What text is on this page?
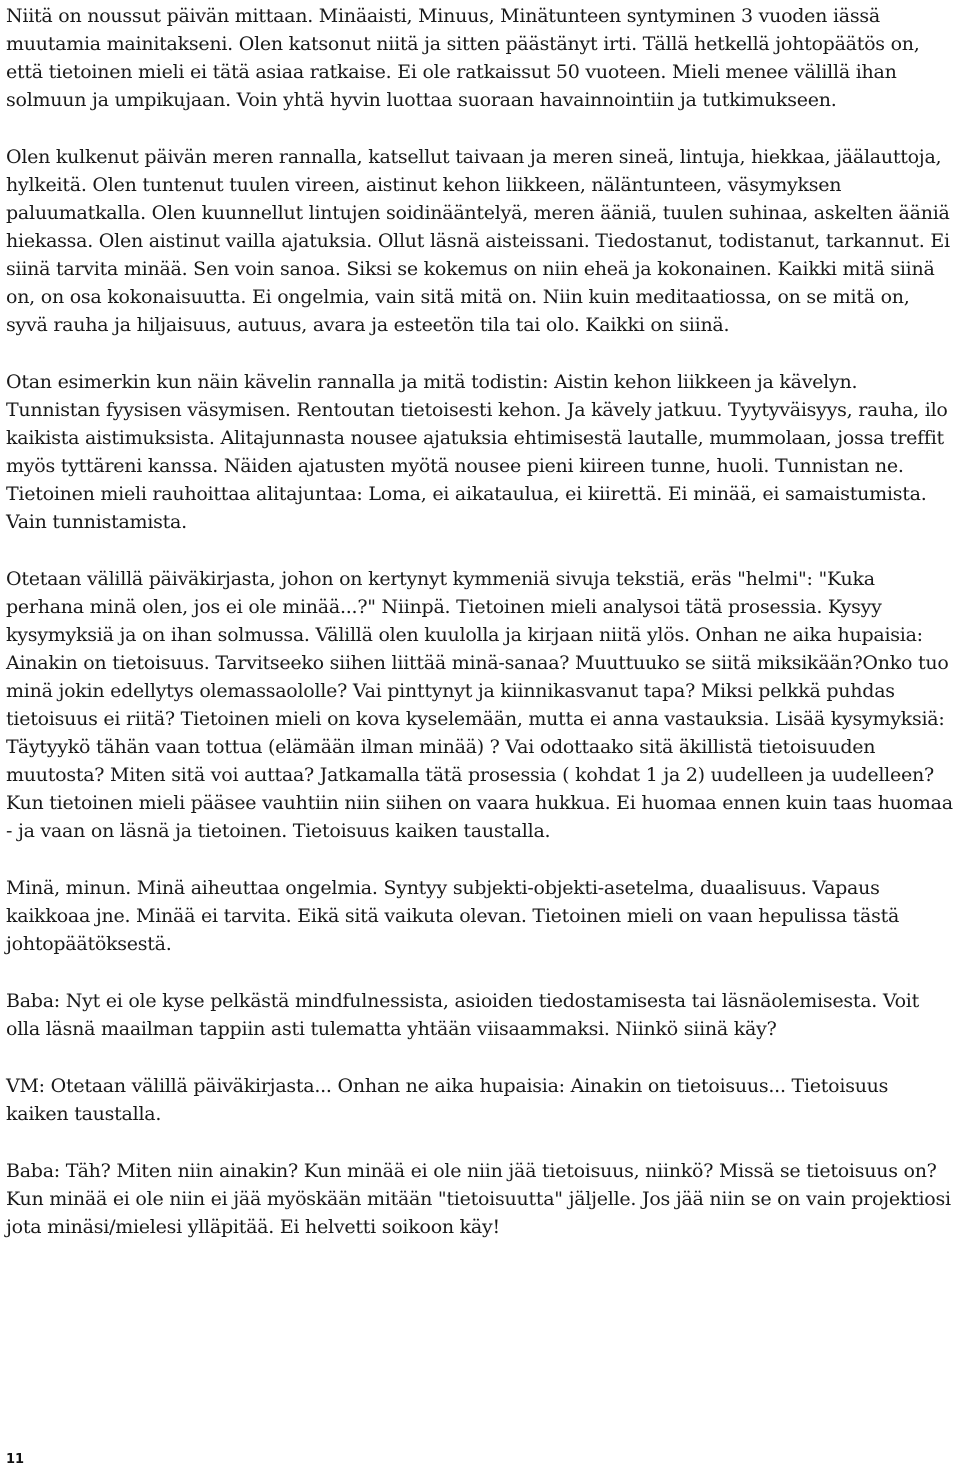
Niitä on noussut päivän mittaan. Minäaisti, Minuus, Minätunteen syntyminen 3 vuoden iässä muutamia mainitakseni. Olen katsonut niitä ja sitten päästänyt irti. Tällä hetkellä johtopäätös on, että tietoinen mieli ei tätä asiaa ratkaise. Ei ole ratkaissut 50 vuoteen. Mieli menee välillä ihan solmuun ja umpikujaan. Voin yhtä hyvin luottaa suoraan havainnointiin ja tutkimukseen.

Olen kulkenut päivän meren rannalla, katsellut taivaan ja meren sineä, lintuja, hiekkaa, jäälauttoja, hylkeitä. Olen tuntenut tuulen vireen, aistinut kehon liikkeen, näläntunteen, väsymyksen paluumatkalla. Olen kuunnellut lintujen soidinääntelyä, meren ääniä, tuulen suhinaa, askelten ääniä hiekassa. Olen aistinut vailla ajatuksia. Ollut läsnä aisteissani. Tiedostanut, todistanut, tarkannut. Ei siinä tarvita minää. Sen voin sanoa. Siksi se kokemus on niin eheä ja kokonainen. Kaikki mitä siinä on, on osa kokonaisuutta. Ei ongelmia, vain sitä mitä on. Niin kuin meditaatiossa, on se mitä on, syvä rauha ja hiljaisuus, autuus, avara ja esteetön tila tai olo. Kaikki on siinä.

Otan esimerkin kun näin kävelin rannalla ja mitä todistin: Aistin kehon liikkeen ja kävelyn. Tunnistan fyysisen väsymisen. Rentoutan tietoisesti kehon. Ja kävely jatkuu. Tyytyväisyys, rauha, ilo kaikista aistimuksista. Alitajunnasta nousee ajatuksia ehtimisestä lautalle, mummolaan, jossa treffit myös tyttäreni kanssa. Näiden ajatusten myötä nousee pieni kiireen tunne, huoli. Tunnistan ne. Tietoinen mieli rauhoittaa alitajuntaa: Loma, ei aikataulua, ei kiirettä. Ei minää, ei samaistumista. Vain tunnistamista.

Otetaan välillä päiväkirjasta, johon on kertynyt kymmeniä sivuja tekstiä, eräs "helmi": "Kuka perhana minä olen, jos ei ole minää...?" Niinpä. Tietoinen mieli analysoi tätä prosessia. Kysyy kysymyksiä ja on ihan solmussa. Välillä olen kuulolla ja kirjaan niitä ylös. Onhan ne aika hupaisia: Ainakin on tietoisuus. Tarvitseeko siihen liittää minä-sanaa? Muuttuuko se siitä miksikään?Onko tuo minä jokin edellytys olemassaololle? Vai pinttynyt ja kiinnikasvanut tapa? Miksi pelkkä puhdas tietoisuus ei riitä? Tietoinen mieli on kova kyselemään, mutta ei anna vastauksia. Lisää kysymyksiä: Täytyykö tähän vaan tottua (elämään ilman minää) ? Vai odottaako sitä äkillistä tietoisuuden muutosta? Miten sitä voi auttaa? Jatkamalla tätä prosessia ( kohdat 1 ja 2) uudelleen ja uudelleen? Kun tietoinen mieli pääsee vauhtiin niin siihen on vaara hukkua. Ei huomaa ennen kuin taas huomaa - ja vaan on läsnä ja tietoinen. Tietoisuus kaiken taustalla.

Minä, minun. Minä aiheuttaa ongelmia. Syntyy subjekti-objekti-asetelma, duaalisuus. Vapaus kaikkoaa jne. Minää ei tarvita. Eikä sitä vaikuta olevan. Tietoinen mieli on vaan hepulissa tästä johtopäätöksestä.

Baba: Nyt ei ole kyse pelkästä mindfulnessista, asioiden tiedostamisesta tai läsnäolemisesta. Voit olla läsnä maailman tappiin asti tulematta yhtään viisaammaksi. Niinkö siinä käy?

VM: Otetaan välillä päiväkirjasta... Onhan ne aika hupaisia: Ainakin on tietoisuus... Tietoisuus kaiken taustalla.

Baba: Täh? Miten niin ainakin? Kun minää ei ole niin jää tietoisuus, niinkö? Missä se tietoisuus on? Kun minää ei ole niin ei jää myöskään mitään "tietoisuutta" jäljelle. Jos jää niin se on vain projektiosi jota minäsi/mielesi ylläpitää. Ei helvetti soikoon käy!

11
